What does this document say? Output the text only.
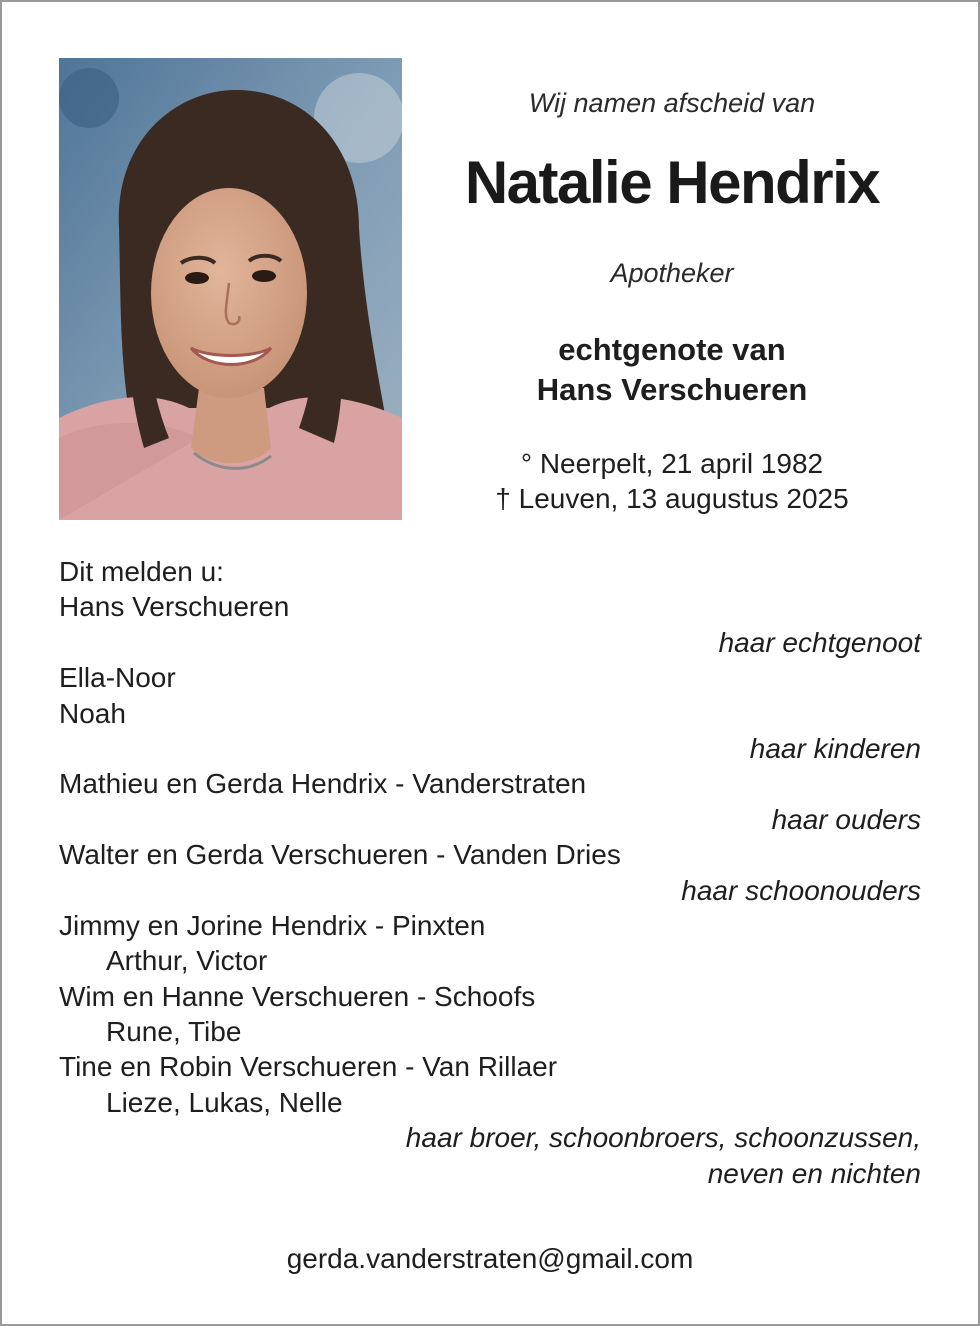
Wij namen afscheid van
Natalie Hendrix
Apotheker
echtgenote van
Hans Verschueren
° Neerpelt, 21 april 1982
† Leuven, 13 augustus 2025
Dit melden u:
Hans Verschueren
haar echtgenoot
Ella-Noor
Noah
haar kinderen
Mathieu en Gerda Hendrix - Vanderstraten
haar ouders
Walter en Gerda Verschueren - Vanden Dries
haar schoonouders
Jimmy en Jorine Hendrix - Pinxten
Arthur, Victor
Wim en Hanne Verschueren - Schoofs
Rune, Tibe
Tine en Robin Verschueren - Van Rillaer
Lieze, Lukas, Nelle
haar broer, schoonbroers, schoonzussen,
neven en nichten
gerda.vanderstraten@gmail.com
